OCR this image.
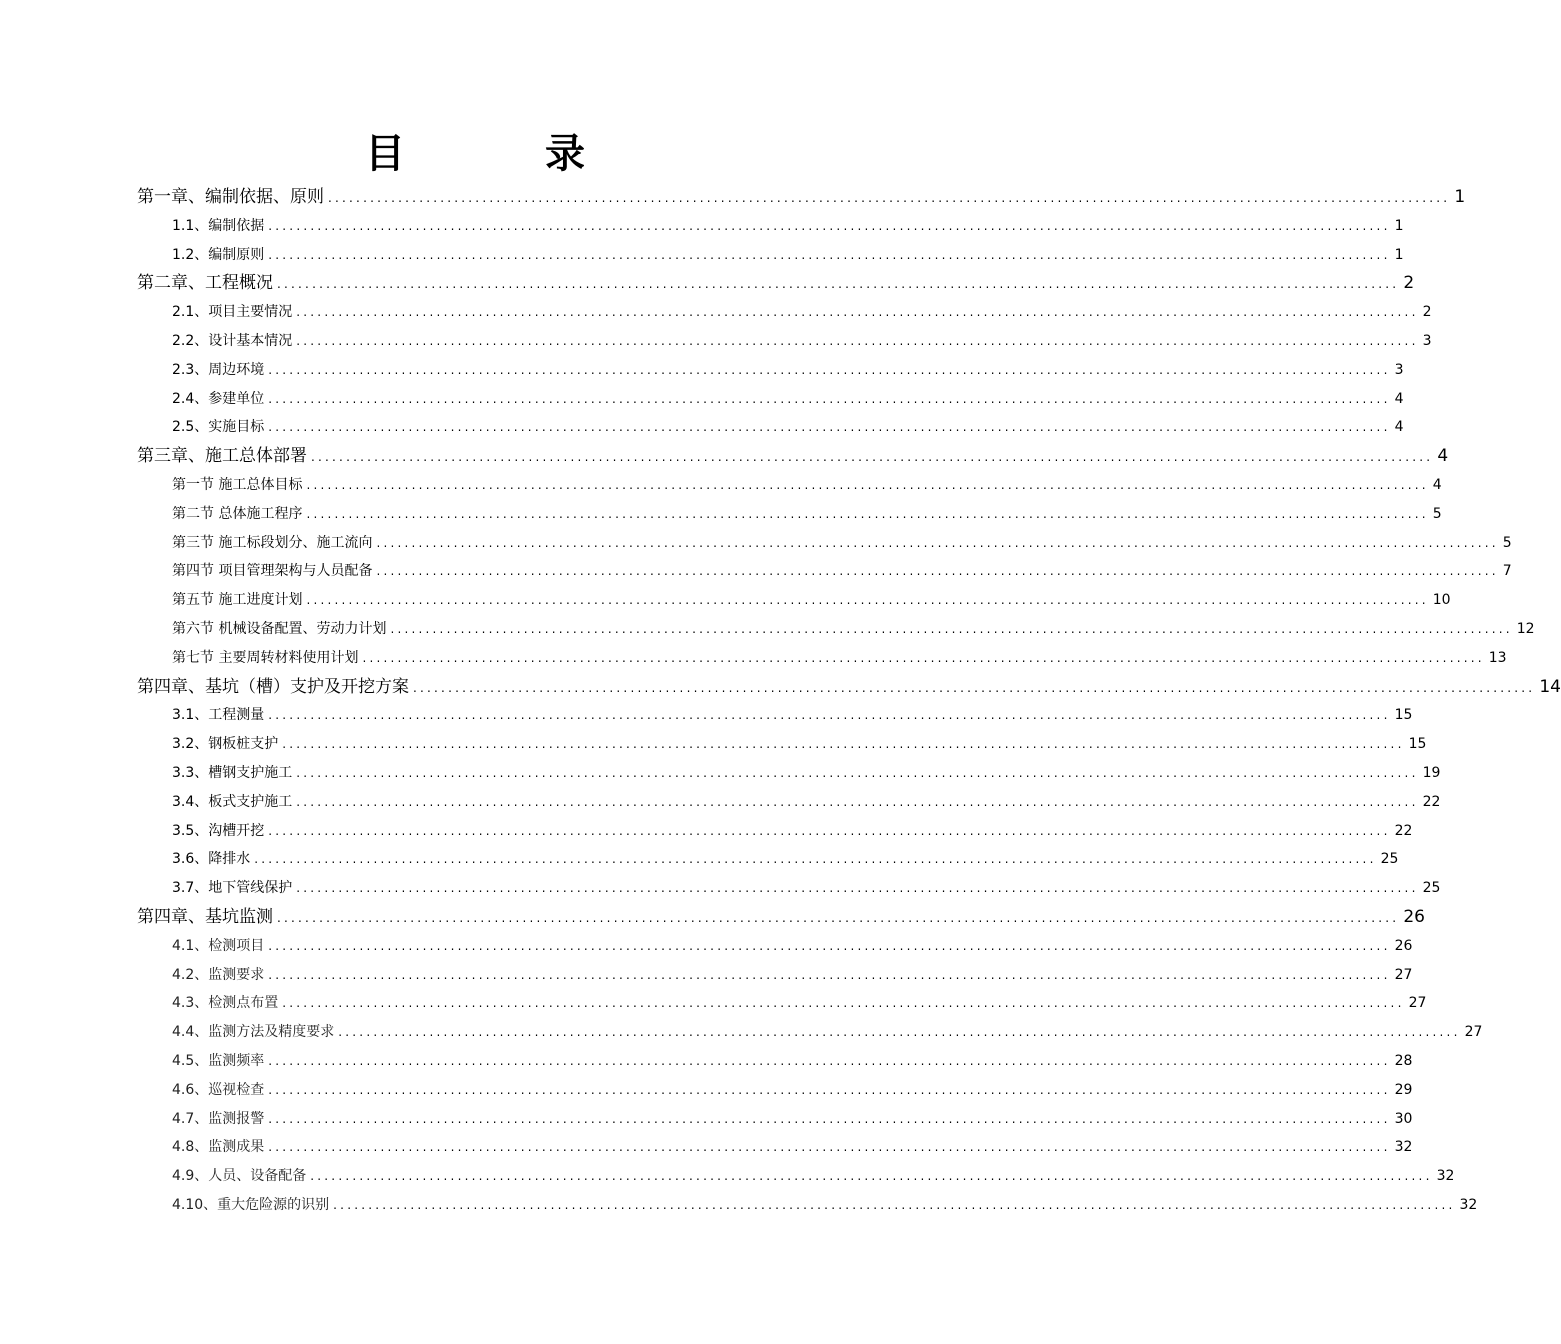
目　录
第一章、编制依据、原则 ................................................................................................................................................................ 1
1.1、编制依据 ................................................................................................................................................................ 1
1.2、编制原则 ................................................................................................................................................................ 1
第二章、工程概况 ................................................................................................................................................................ 2
2.1、项目主要情况 ................................................................................................................................................................ 2
2.2、设计基本情况 ................................................................................................................................................................ 3
2.3、周边环境 ................................................................................................................................................................ 3
2.4、参建单位 ................................................................................................................................................................ 4
2.5、实施目标 ................................................................................................................................................................ 4
第三章、施工总体部署 ................................................................................................................................................................ 4
第一节 施工总体目标 ................................................................................................................................................................ 4
第二节 总体施工程序 ................................................................................................................................................................ 5
第三节 施工标段划分、施工流向 ................................................................................................................................................................ 5
第四节 项目管理架构与人员配备 ................................................................................................................................................................ 7
第五节 施工进度计划 ................................................................................................................................................................ 10
第六节 机械设备配置、劳动力计划 ................................................................................................................................................................ 12
第七节 主要周转材料使用计划 ................................................................................................................................................................ 13
第四章、基坑（槽）支护及开挖方案 ................................................................................................................................................................ 14
3.1、工程测量 ................................................................................................................................................................ 15
3.2、钢板桩支护 ................................................................................................................................................................ 15
3.3、槽钢支护施工 ................................................................................................................................................................ 19
3.4、板式支护施工 ................................................................................................................................................................ 22
3.5、沟槽开挖 ................................................................................................................................................................ 22
3.6、降排水 ................................................................................................................................................................ 25
3.7、地下管线保护 ................................................................................................................................................................ 25
第四章、基坑监测 ................................................................................................................................................................ 26
4.1、检测项目 ................................................................................................................................................................ 26
4.2、监测要求 ................................................................................................................................................................ 27
4.3、检测点布置 ................................................................................................................................................................ 27
4.4、监测方法及精度要求 ................................................................................................................................................................ 27
4.5、监测频率 ................................................................................................................................................................ 28
4.6、巡视检查 ................................................................................................................................................................ 29
4.7、监测报警 ................................................................................................................................................................ 30
4.8、监测成果 ................................................................................................................................................................ 32
4.9、人员、设备配备 ................................................................................................................................................................ 32
4.10、重大危险源的识别 ................................................................................................................................................................ 32
